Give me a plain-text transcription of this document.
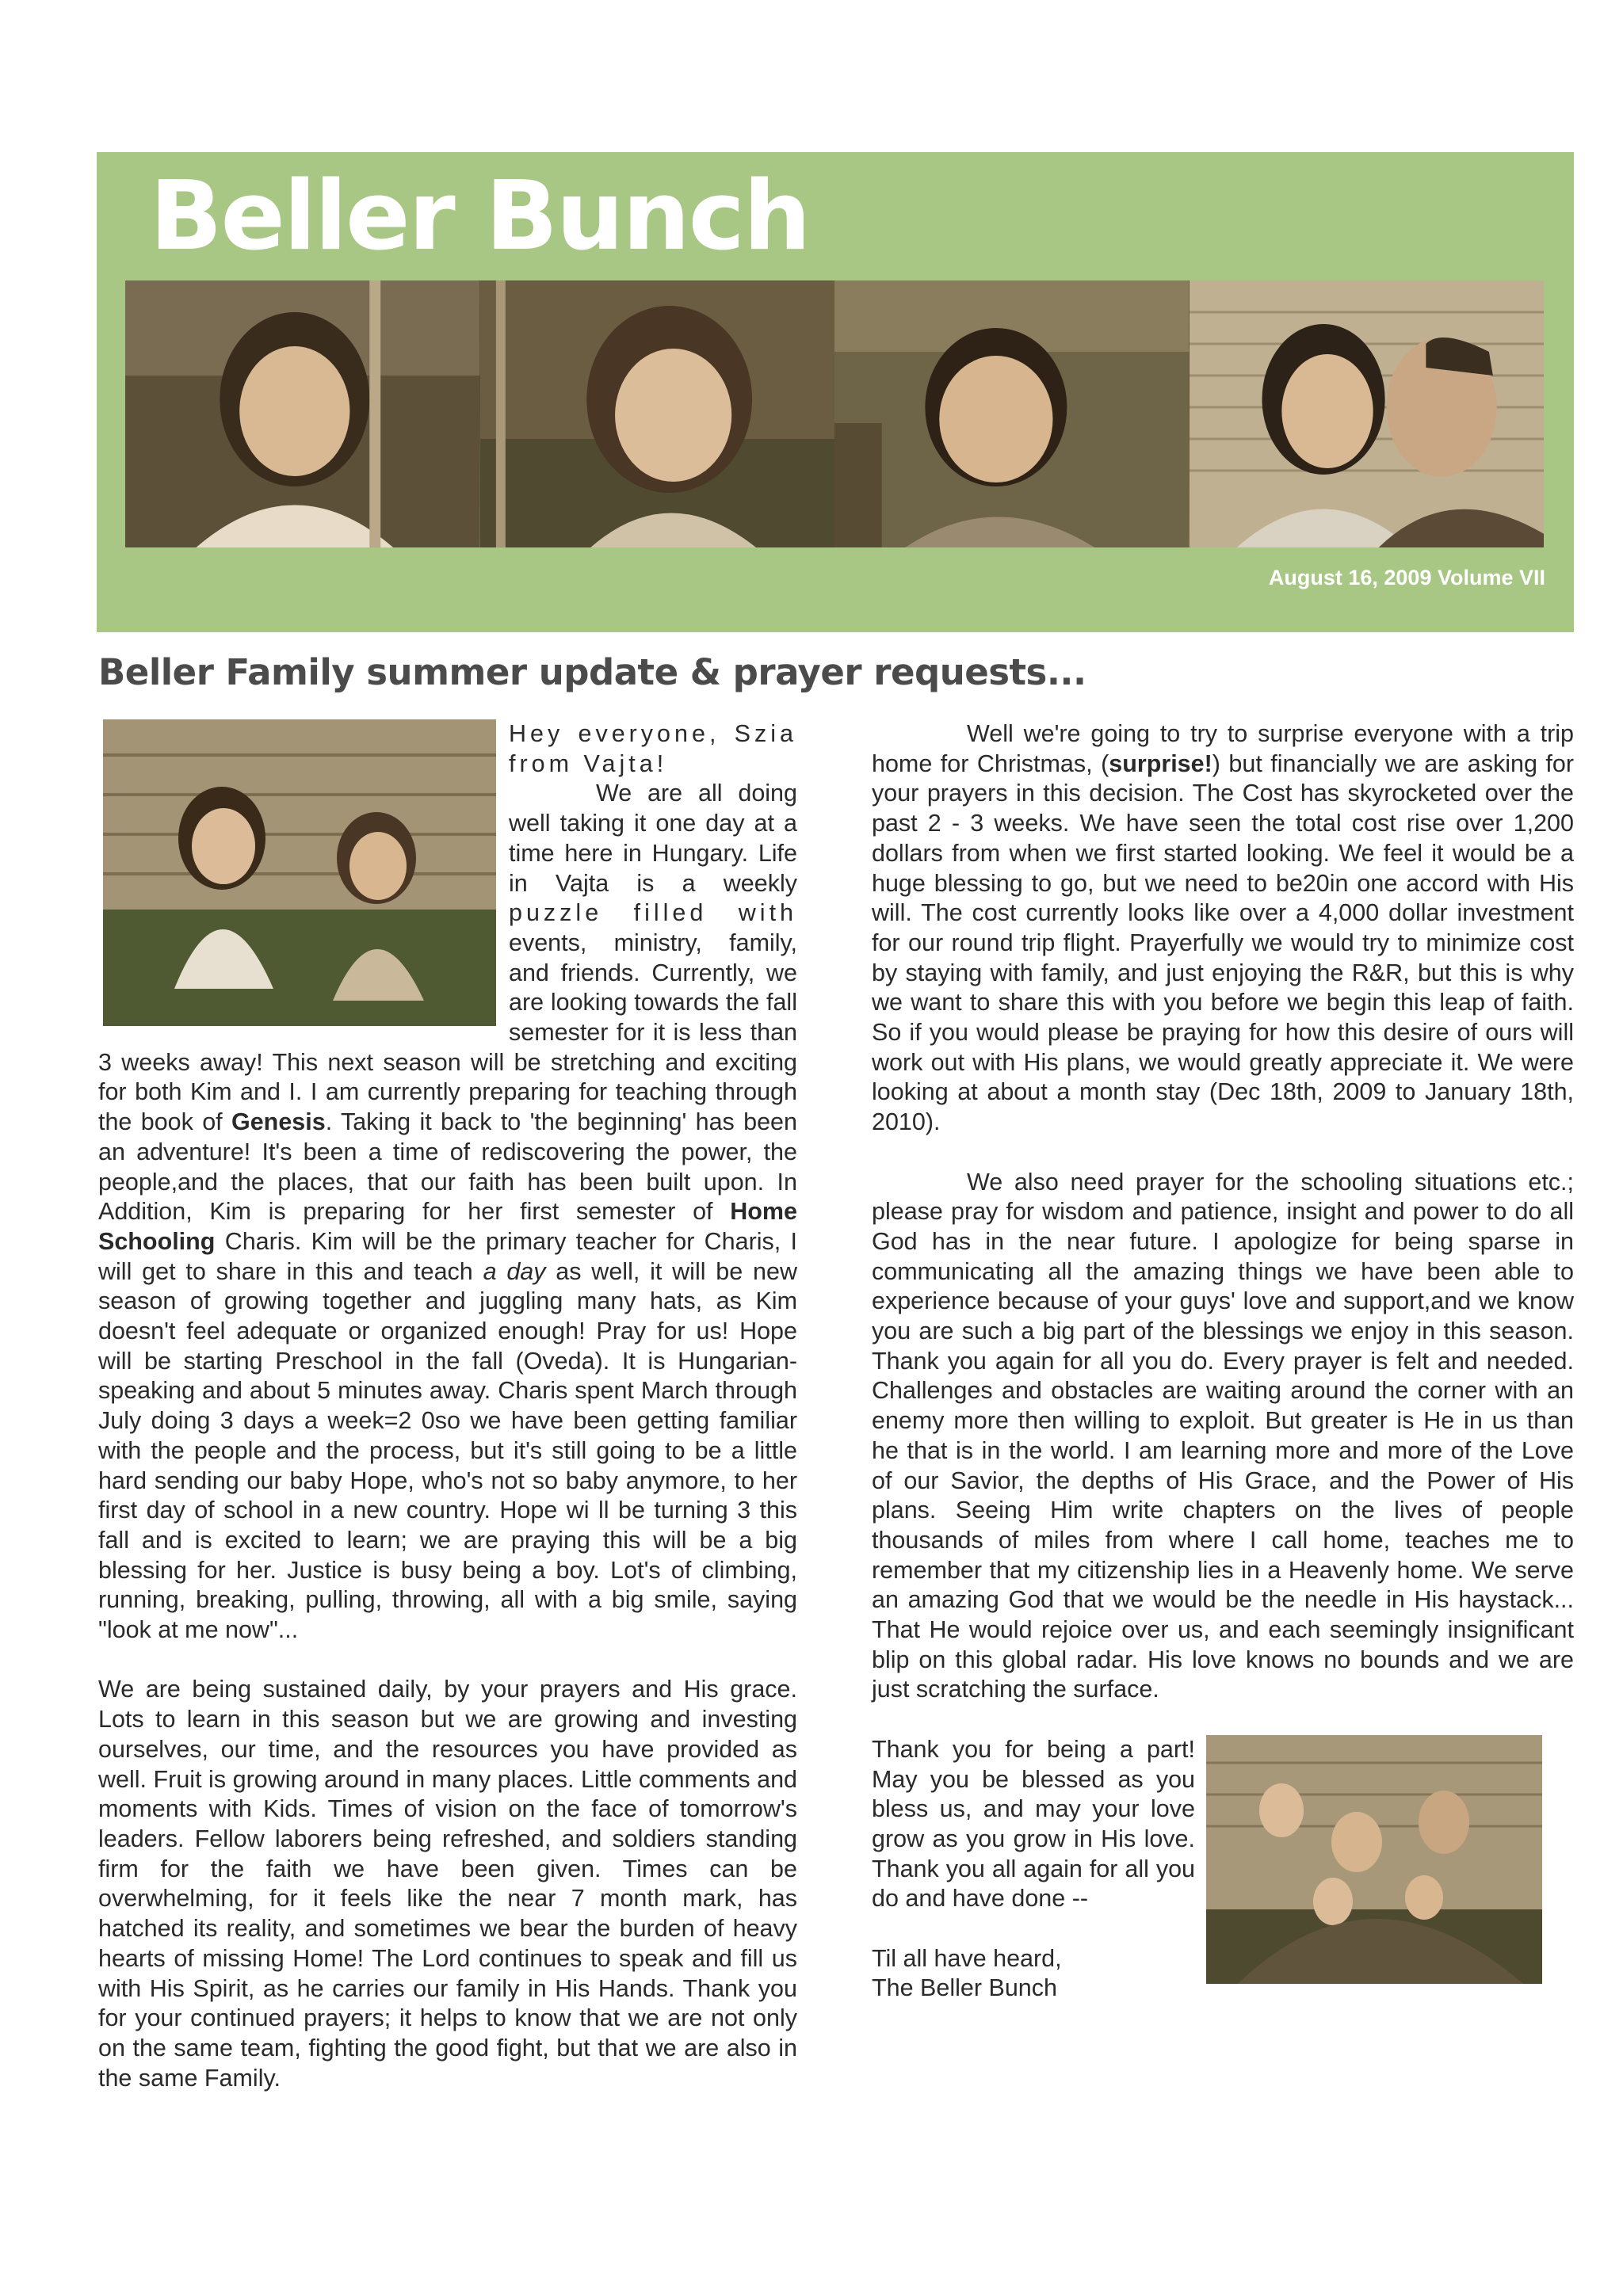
Beller Bunch
August 16, 2009 Volume VII
Beller Family summer update & prayer requests...

Hey everyone, Szia from Vajta!
We are all doing well taking it one day at a time here in Hungary. Life in Vajta is a weekly puzzle filled with events, ministry, family, and friends. Currently, we are looking towards the fall semester for it is less than 3 weeks away! This next season will be stretching and exciting for both Kim and I. I am currently preparing for teaching through the book of Genesis. Taking it back to 'the beginning' has been an adventure! It's been a time of rediscovering the power, the people,and the places, that our faith has been built upon. In Addition, Kim is preparing for her first semester of Home Schooling Charis. Kim will be the primary teacher for Charis, I will get to share in this and teach a day as well, it will be new season of growing together and juggling many hats, as Kim doesn't feel adequate or organized enough! Pray for us! Hope will be starting Preschool in the fall (Oveda). It is Hungarian-speaking and about 5 minutes away. Charis spent March through July doing 3 days a week=2 0so we have been getting familiar with the people and the process, but it's still going to be a little hard sending our baby Hope, who's not so baby anymore, to her first day of school in a new country. Hope wi ll be turning 3 this fall and is excited to learn; we are praying this will be a big blessing for her. Justice is busy being a boy. Lot's of climbing, running, breaking, pulling, throwing, all with a big smile, saying "look at me now"...

We are being sustained daily, by your prayers and His grace. Lots to learn in this season but we are growing and investing ourselves, our time, and the resources you have provided as well. Fruit is growing around in many places. Little comments and moments with Kids. Times of vision on the face of tomorrow's leaders. Fellow laborers being refreshed, and soldiers standing firm for the faith we have been given. Times can be overwhelming, for it feels like the near 7 month mark, has hatched its reality, and sometimes we bear the burden of heavy hearts of missing Home! The Lord continues to speak and fill us with His Spirit, as he carries our family in His Hands. Thank you for your continued prayers; it helps to know that we are not only on the same team, fighting the good fight, but that we are also in the same Family.

Well we're going to try to surprise everyone with a trip home for Christmas, (surprise!) but financially we are asking for your prayers in this decision. The Cost has skyrocketed over the past 2 - 3 weeks. We have seen the total cost rise over 1,200 dollars from when we first started looking. We feel it would be a huge blessing to go, but we need to be20in one accord with His will. The cost currently looks like over a 4,000 dollar investment for our round trip flight. Prayerfully we would try to minimize cost by staying with family, and just enjoying the R&R, but this is why we want to share this with you before we begin this leap of faith. So if you would please be praying for how this desire of ours will work out with His plans, we would greatly appreciate it. We were looking at about a month stay (Dec 18th, 2009 to January 18th, 2010).

We also need prayer for the schooling situations etc.; please pray for wisdom and patience, insight and power to do all God has in the near future. I apologize for being sparse in communicating all the amazing things we have been able to experience because of your guys' love and support,and we know you are such a big part of the blessings we enjoy in this season. Thank you again for all you do. Every prayer is felt and needed. Challenges and obstacles are waiting around the corner with an enemy more then willing to exploit. But greater is He in us than he that is in the world. I am learning more and more of the Love of our Savior, the depths of His Grace, and the Power of His plans. Seeing Him write chapters on the lives of people thousands of miles from where I call home, teaches me to remember that my citizenship lies in a Heavenly home. We serve an amazing God that we would be the needle in His haystack... That He would rejoice over us, and each seemingly insignificant blip on this global radar. His love knows no bounds and we are just scratching the surface.

Thank you for being a part! May you be blessed as you bless us, and may your love grow as you grow in His love. Thank you all again for all you do and have done --

Til all have heard,
The Beller Bunch
